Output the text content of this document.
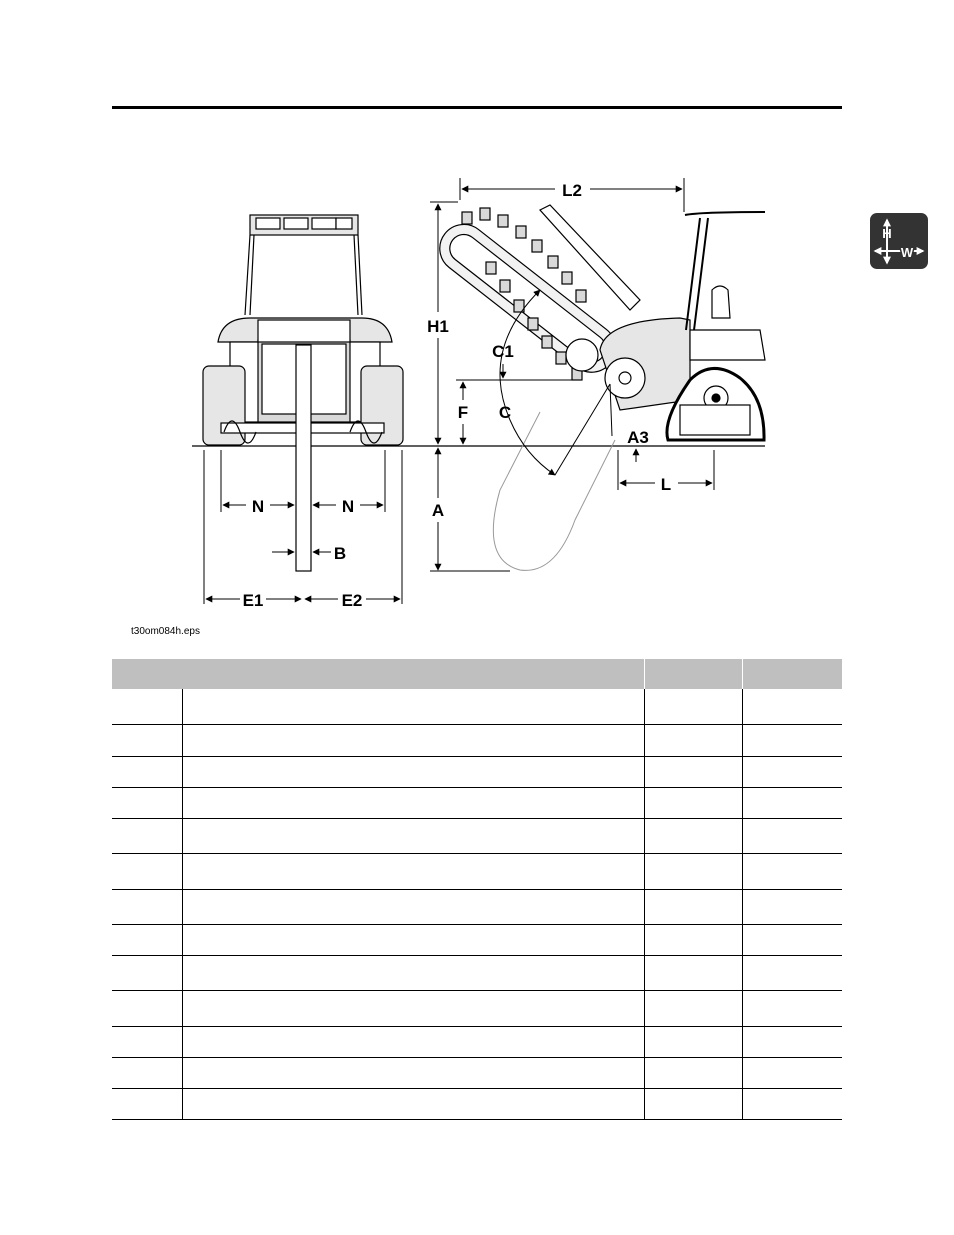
L2
H1
C1
F C
A3
L
A
N	N
B
E1	E2
t30om084h.eps
H
W
